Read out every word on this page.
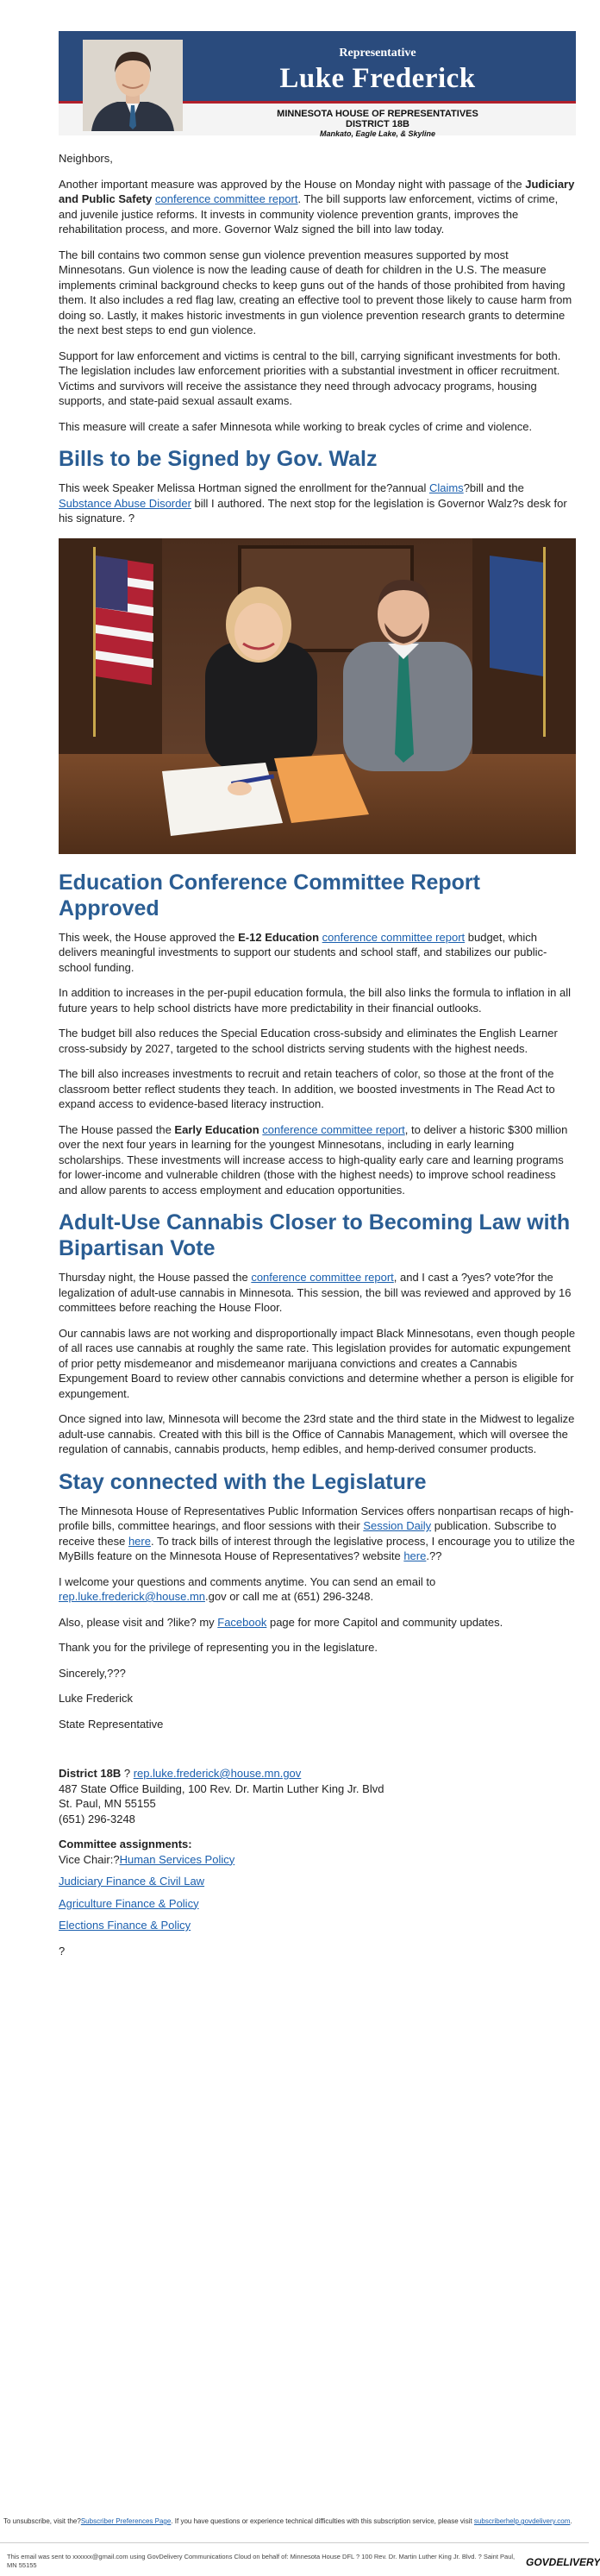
Representative
Luke Frederick
MINNESOTA HOUSE OF REPRESENTATIVES
DISTRICT 18B
Mankato, Eagle Lake, & Skyline

Neighbors,

Another important measure was approved by the House on Monday night with passage of the Judiciary and Public Safety conference committee report. The bill supports law enforcement, victims of crime, and juvenile justice reforms. It invests in community violence prevention grants, improves the rehabilitation process, and more. Governor Walz signed the bill into law today.

The bill contains two common sense gun violence prevention measures supported by most Minnesotans. Gun violence is now the leading cause of death for children in the U.S. The measure implements criminal background checks to keep guns out of the hands of those prohibited from having them. It also includes a red flag law, creating an effective tool to prevent those likely to cause harm from doing so. Lastly, it makes historic investments in gun violence prevention research grants to determine the next best steps to end gun violence.

Support for law enforcement and victims is central to the bill, carrying significant investments for both. The legislation includes law enforcement priorities with a substantial investment in officer recruitment. Victims and survivors will receive the assistance they need through advocacy programs, housing supports, and state-paid sexual assault exams.

This measure will create a safer Minnesota while working to break cycles of crime and violence.

Bills to be Signed by Gov. Walz

This week Speaker Melissa Hortman signed the enrollment for the?annual Claims?bill and the Substance Abuse Disorder bill I authored. The next stop for the legislation is Governor Walz?s desk for his signature. ?

Education Conference Committee Report Approved

This week, the House approved the E-12 Education conference committee report budget, which delivers meaningful investments to support our students and school staff, and stabilizes our public-school funding.

In addition to increases in the per-pupil education formula, the bill also links the formula to inflation in all future years to help school districts have more predictability in their financial outlooks.

The budget bill also reduces the Special Education cross-subsidy and eliminates the English Learner cross-subsidy by 2027, targeted to the school districts serving students with the highest needs.

The bill also increases investments to recruit and retain teachers of color, so those at the front of the classroom better reflect students they teach. In addition, we boosted investments in The Read Act to expand access to evidence-based literacy instruction.

The House passed the Early Education conference committee report, to deliver a historic $300 million over the next four years in learning for the youngest Minnesotans, including in early learning scholarships. These investments will increase access to high-quality early care and learning programs for lower-income and vulnerable children (those with the highest needs) to improve school readiness and allow parents to access employment and education opportunities.

Adult-Use Cannabis Closer to Becoming Law with Bipartisan Vote

Thursday night, the House passed the conference committee report, and I cast a ?yes? vote?for the legalization of adult-use cannabis in Minnesota. This session, the bill was reviewed and approved by 16 committees before reaching the House Floor.

Our cannabis laws are not working and disproportionally impact Black Minnesotans, even though people of all races use cannabis at roughly the same rate. This legislation provides for automatic expungement of prior petty misdemeanor and misdemeanor marijuana convictions and creates a Cannabis Expungement Board to review other cannabis convictions and determine whether a person is eligible for expungement.

Once signed into law, Minnesota will become the 23rd state and the third state in the Midwest to legalize adult-use cannabis. Created with this bill is the Office of Cannabis Management, which will oversee the regulation of cannabis, cannabis products, hemp edibles, and hemp-derived consumer products.

Stay connected with the Legislature

The Minnesota House of Representatives Public Information Services offers nonpartisan recaps of high-profile bills, committee hearings, and floor sessions with their Session Daily publication. Subscribe to receive these here. To track bills of interest through the legislative process, I encourage you to utilize the MyBills feature on the Minnesota House of Representatives? website here.??

I welcome your questions and comments anytime. You can send an email to rep.luke.frederick@house.mn.gov or call me at (651) 296-3248.

Also, please visit and ?like? my Facebook page for more Capitol and community updates.

Thank you for the privilege of representing you in the legislature.

Sincerely,???

Luke Frederick

State Representative

District 18B ? rep.luke.frederick@house.mn.gov
487 State Office Building, 100 Rev. Dr. Martin Luther King Jr. Blvd
St. Paul, MN 55155
(651) 296-3248
Committee assignments:
Vice Chair:?Human Services Policy
Judiciary Finance & Civil Law
Agriculture Finance & Policy
Elections Finance & Policy
?
To unsubscribe, visit the?Subscriber Preferences Page. If you have questions or experience technical difficulties with this subscription service, please visit subscriberhelp.govdelivery.com.
This email was sent to xxxxxx@gmail.com using GovDelivery Communications Cloud on behalf of: Minnesota House DFL ? 100 Rev. Dr. Martin Luther King Jr. Blvd. ? Saint Paul, MN 55155	GOVDELIVERY
